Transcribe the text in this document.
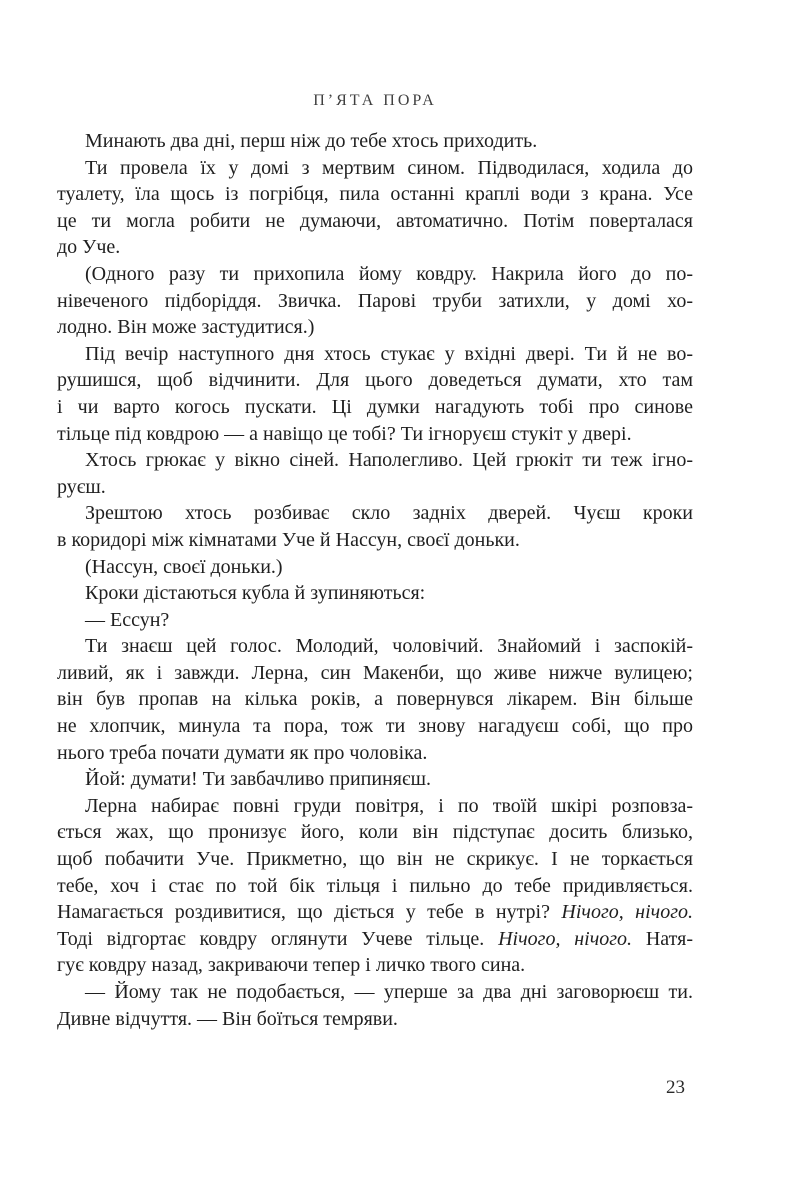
П’ЯТА ПОРА
Минають два дні, перш ніж до тебе хтось приходить.
Ти провела їх у домі з мертвим сином. Підводилася, ходила до
туалету, їла щось із погрібця, пила останні краплі води з крана. Усе
це ти могла робити не думаючи, автоматично. Потім поверталася
до Уче.
(Одного разу ти прихопила йому ковдру. Накрила його до по-
нівеченого підборіддя. Звичка. Парові труби затихли, у домі хо-
лодно. Він може застудитися.)
Під вечір наступного дня хтось стукає у вхідні двері. Ти й не во-
рушишся, щоб відчинити. Для цього доведеться думати, хто там
і чи варто когось пускати. Ці думки нагадують тобі про синове
тільце під ковдрою — а навіщо це тобі? Ти ігноруєш стукіт у двері.
Хтось грюкає у вікно сіней. Наполегливо. Цей грюкіт ти теж ігно-
руєш.
Зрештою хтось розбиває скло задніх дверей. Чуєш кроки
в коридорі між кімнатами Уче й Нассун, своєї доньки.
(Нассун, своєї доньки.)
Кроки дістаються кубла й зупиняються:
— Ессун?
Ти знаєш цей голос. Молодий, чоловічий. Знайомий і заспокій-
ливий, як і завжди. Лерна, син Макенби, що живе нижче вулицею;
він був пропав на кілька років, а повернувся лікарем. Він більше
не хлопчик, минула та пора, тож ти знову нагадуєш собі, що про
нього треба почати думати як про чоловіка.
Йой: думати! Ти завбачливо припиняєш.
Лерна набирає повні груди повітря, і по твоїй шкірі розповза-
ється жах, що пронизує його, коли він підступає досить близько,
щоб побачити Уче. Прикметно, що він не скрикує. І не торкається
тебе, хоч і стає по той бік тільця і пильно до тебе придивляється.
Намагається роздивитися, що діється у тебе в нутрі? Нічого, нічого.
Тоді відгортає ковдру оглянути Учеве тільце. Нічого, нічого. Натя-
гує ковдру назад, закриваючи тепер і личко твого сина.
— Йому так не подобається, — уперше за два дні заговорюєш ти.
Дивне відчуття. — Він боїться темряви.
23
